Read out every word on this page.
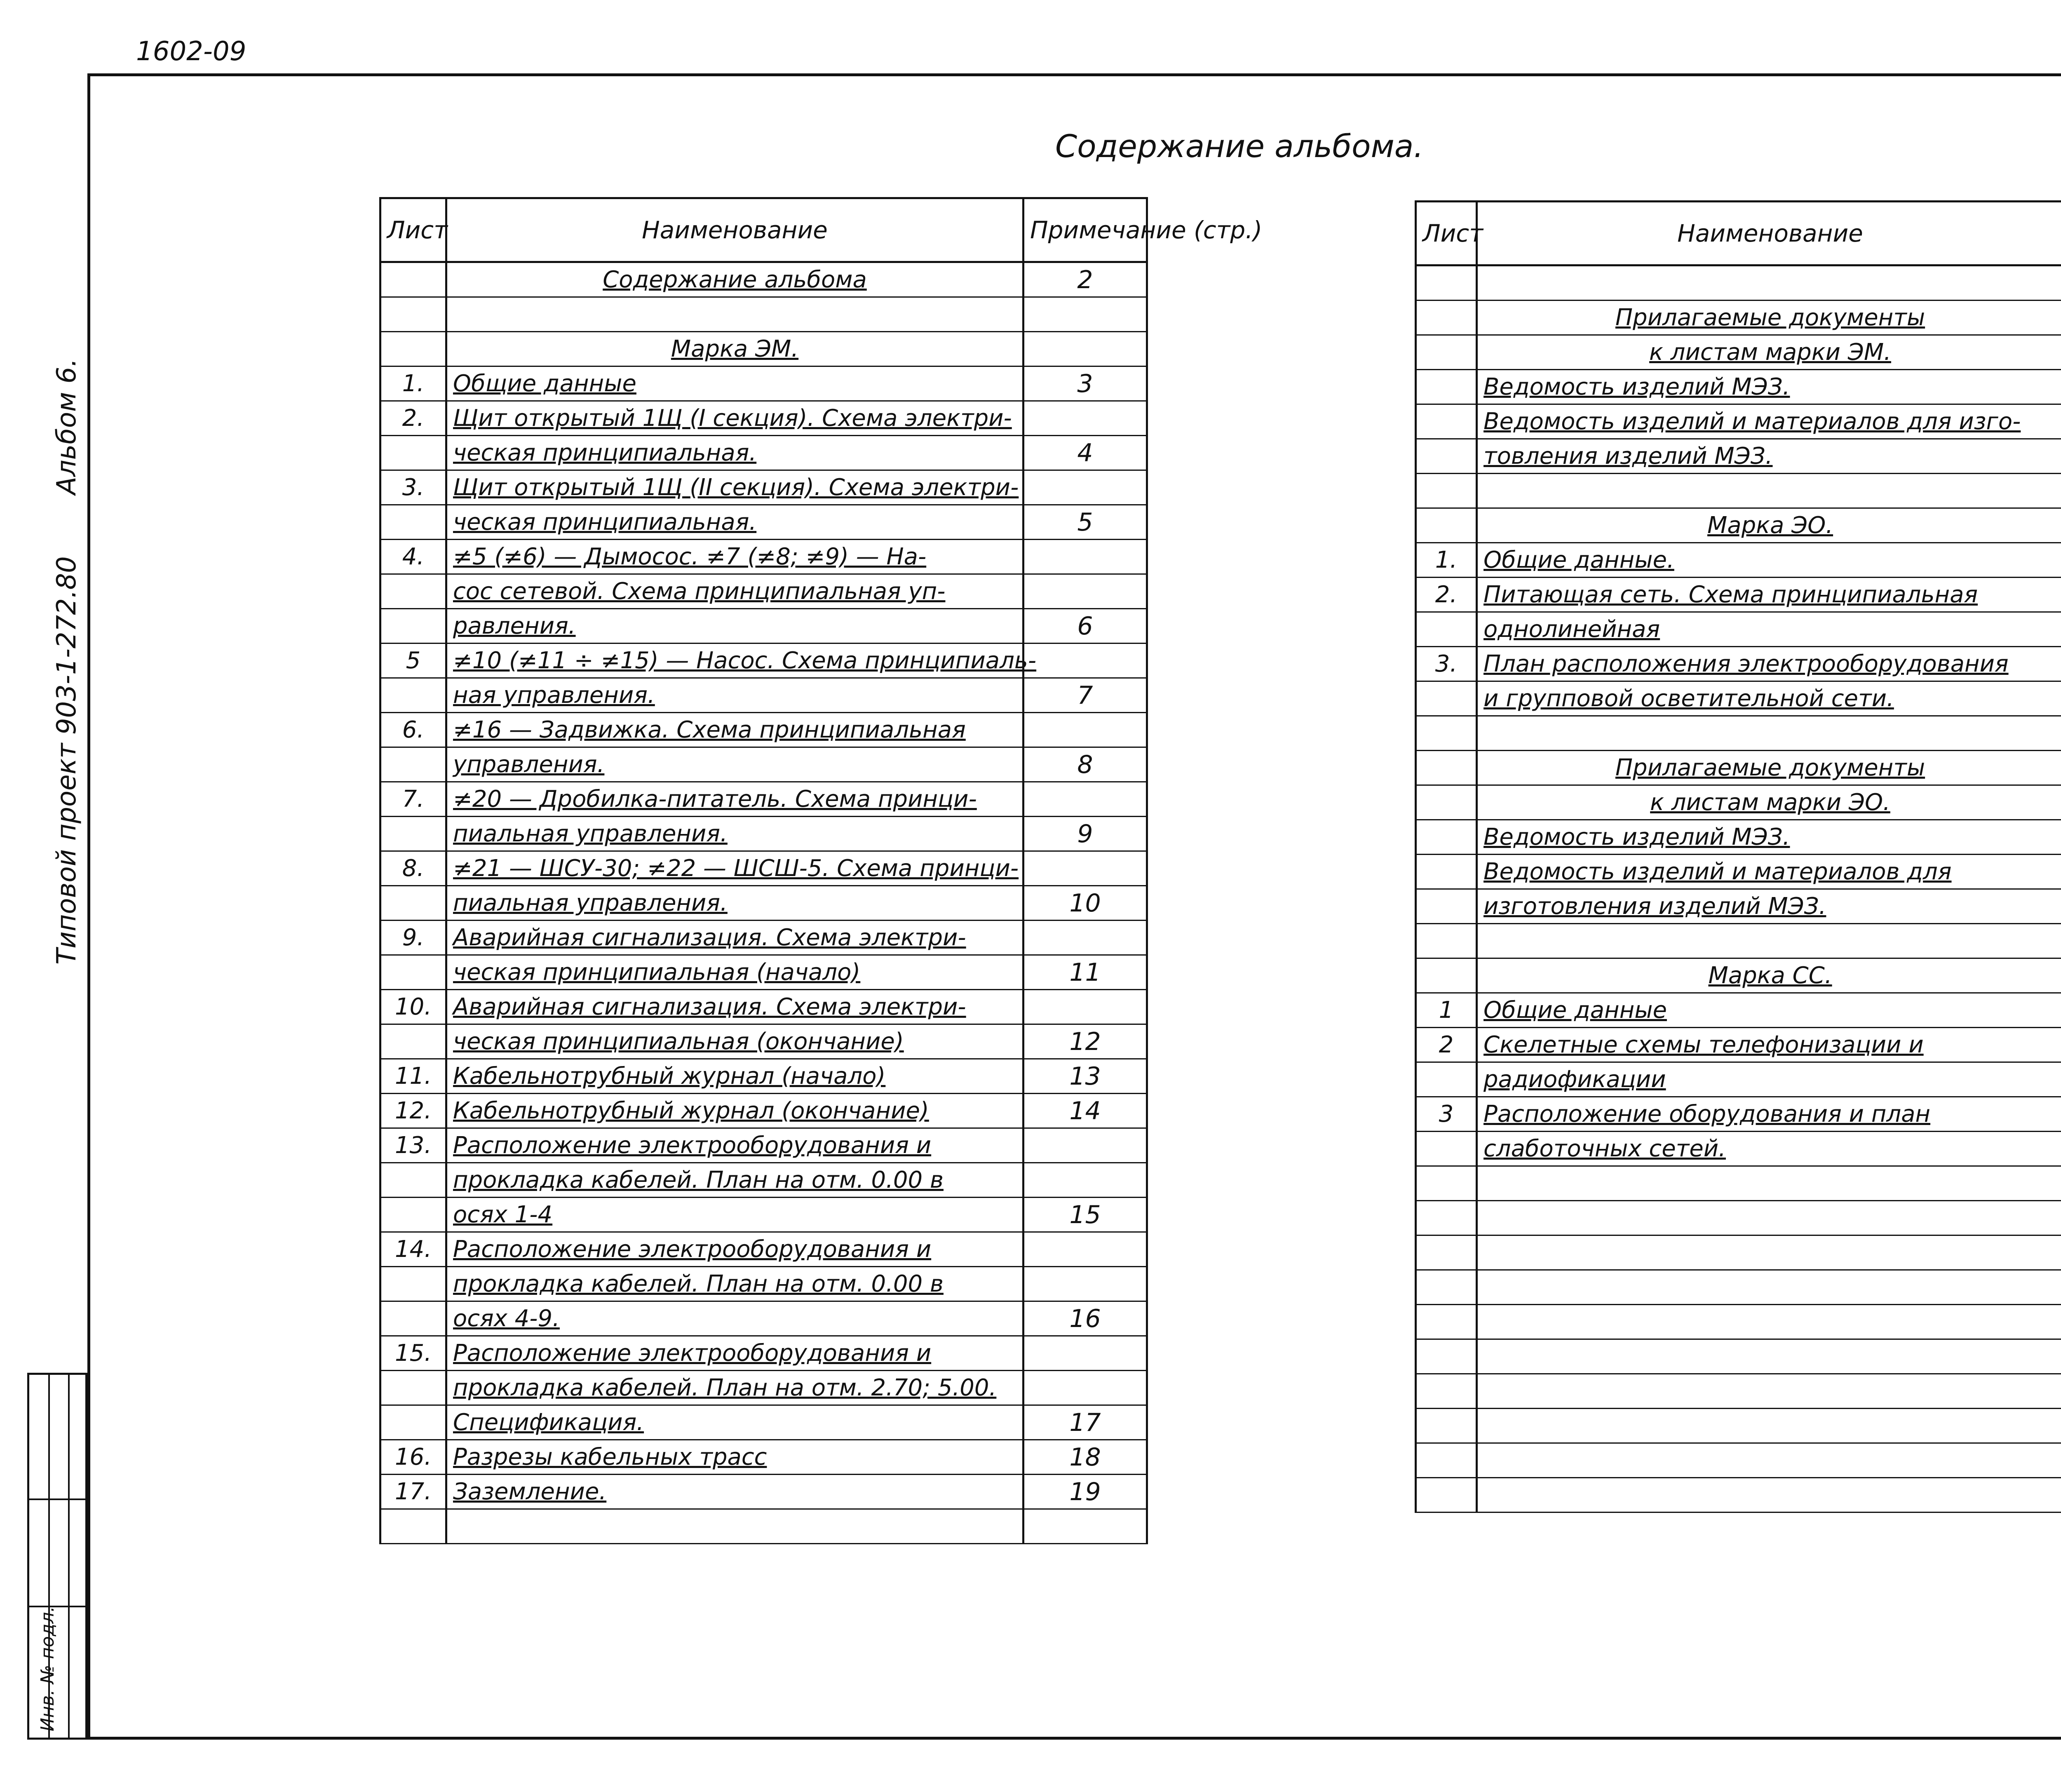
1602-09
Содержание альбома.
Альбом 6.
Типовой проект 903-1-272.80
Инв. № подл.
Лист	Наименование	Примечание (стр.)
	Содержание альбома	2

	Марка ЭМ.	
1.	Общие данные	3
2.	Щит открытый 1Щ (I секция). Схема электри-	
	ческая принципиальная.	4
3.	Щит открытый 1Щ (II секция). Схема электри-	
	ческая принципиальная.	5
4.	≠5 (≠6) — Дымосос. ≠7 (≠8; ≠9) — На-	
	сос сетевой. Схема принципиальная уп-	
	равления.	6
5	≠10 (≠11 ÷ ≠15) — Насос. Схема принципиаль-	
	ная управления.	7
6.	≠16 — Задвижка. Схема принципиальная	
	управления.	8
7.	≠20 — Дробилка-питатель. Схема принци-	
	пиальная управления.	9
8.	≠21 — ШСУ-30; ≠22 — ШСШ-5. Схема принци-	
	пиальная управления.	10
9.	Аварийная сигнализация. Схема электри-	
	ческая принципиальная (начало)	11
10.	Аварийная сигнализация. Схема электри-	
	ческая принципиальная (окончание)	12
11.	Кабельнотрубный журнал (начало)	13
12.	Кабельнотрубный журнал (окончание)	14
13.	Расположение электрооборудования и	
	прокладка кабелей. План на отм. 0.00 в	
	осях 1-4	15
14.	Расположение электрооборудования и	
	прокладка кабелей. План на отм. 0.00 в	
	осях 4-9.	16
15.	Расположение электрооборудования и	
	прокладка кабелей. План на отм. 2.70; 5.00.	
	Спецификация.	17
16.	Разрезы кабельных трасс	18
17.	Заземление.	19

Лист	Наименование	

	Прилагаемые документы	
	к листам марки ЭМ.	
	Ведомость изделий МЭЗ.	
	Ведомость изделий и материалов для изго-	
	товления изделий МЭЗ.	

	Марка ЭО.	
1.	Общие данные.	
2.	Питающая сеть. Схема принципиальная	
	однолинейная	
3.	План расположения электрооборудования	
	и групповой осветительной сети.	

	Прилагаемые документы	
	к листам марки ЭО.	
	Ведомость изделий МЭЗ.	
	Ведомость изделий и материалов для	
	изготовления изделий МЭЗ.	

	Марка СС.	
1	Общие данные	
2	Скелетные схемы телефонизации и	
	радиофикации	
3	Расположение оборудования и план	
	слаботочных сетей.	
